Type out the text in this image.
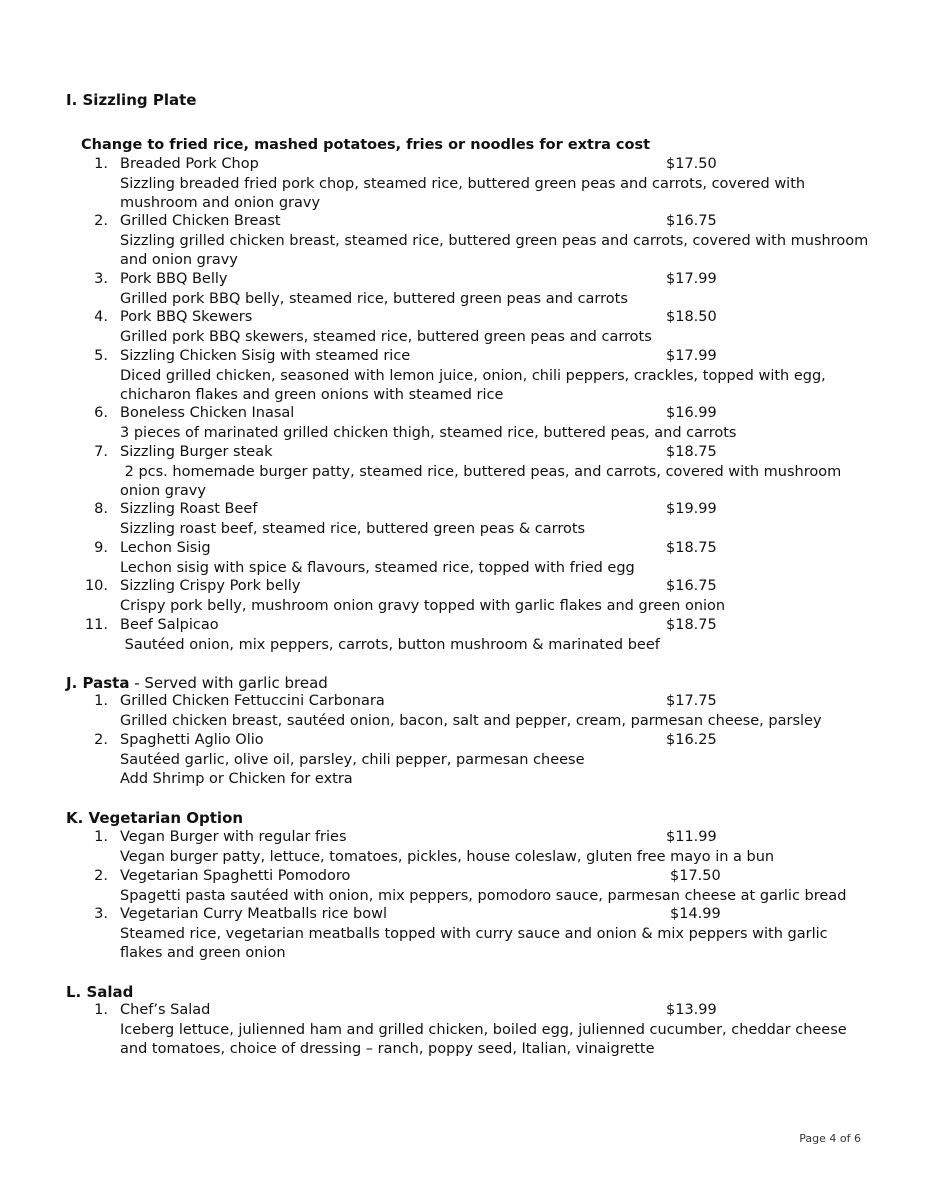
I. Sizzling Plate
Change to fried rice, mashed potatoes, fries or noodles for extra cost
1. Breaded Pork Chop	$17.50
Sizzling breaded fried pork chop, steamed rice, buttered green peas and carrots, covered with mushroom and onion gravy
2. Grilled Chicken Breast	$16.75
Sizzling grilled chicken breast, steamed rice, buttered green peas and carrots, covered with mushroom and onion gravy
3. Pork BBQ Belly	$17.99
Grilled pork BBQ belly, steamed rice, buttered green peas and carrots
4. Pork BBQ Skewers	$18.50
Grilled pork BBQ skewers, steamed rice, buttered green peas and carrots
5. Sizzling Chicken Sisig with steamed rice	$17.99
Diced grilled chicken, seasoned with lemon juice, onion, chili peppers, crackles, topped with egg, chicharon flakes and green onions with steamed rice
6. Boneless Chicken Inasal	$16.99
3 pieces of marinated grilled chicken thigh, steamed rice, buttered peas, and carrots
7. Sizzling Burger steak	$18.75
2 pcs. homemade burger patty, steamed rice, buttered peas, and carrots, covered with mushroom onion gravy
8. Sizzling Roast Beef	$19.99
Sizzling roast beef, steamed rice, buttered green peas & carrots
9. Lechon Sisig	$18.75
Lechon sisig with spice & flavours, steamed rice, topped with fried egg
10. Sizzling Crispy Pork belly	$16.75
Crispy pork belly, mushroom onion gravy topped with garlic flakes and green onion
11. Beef Salpicao	$18.75
Sautéed onion, mix peppers, carrots, button mushroom & marinated beef
J. Pasta - Served with garlic bread
1. Grilled Chicken Fettuccini Carbonara	$17.75
Grilled chicken breast, sautéed onion, bacon, salt and pepper, cream, parmesan cheese, parsley
2. Spaghetti Aglio Olio	$16.25
Sautéed garlic, olive oil, parsley, chili pepper, parmesan cheese
Add Shrimp or Chicken for extra
K. Vegetarian Option
1. Vegan Burger with regular fries	$11.99
Vegan burger patty, lettuce, tomatoes, pickles, house coleslaw, gluten free mayo in a bun
2. Vegetarian Spaghetti Pomodoro	$17.50
Spagetti pasta sautéed with onion, mix peppers, pomodoro sauce, parmesan cheese at garlic bread
3. Vegetarian Curry Meatballs rice bowl	$14.99
Steamed rice, vegetarian meatballs topped with curry sauce and onion & mix peppers with garlic flakes and green onion
L. Salad
1. Chef’s Salad	$13.99
Iceberg lettuce, julienned ham and grilled chicken, boiled egg, julienned cucumber, cheddar cheese and tomatoes, choice of dressing – ranch, poppy seed, Italian, vinaigrette
Page 4 of 6
